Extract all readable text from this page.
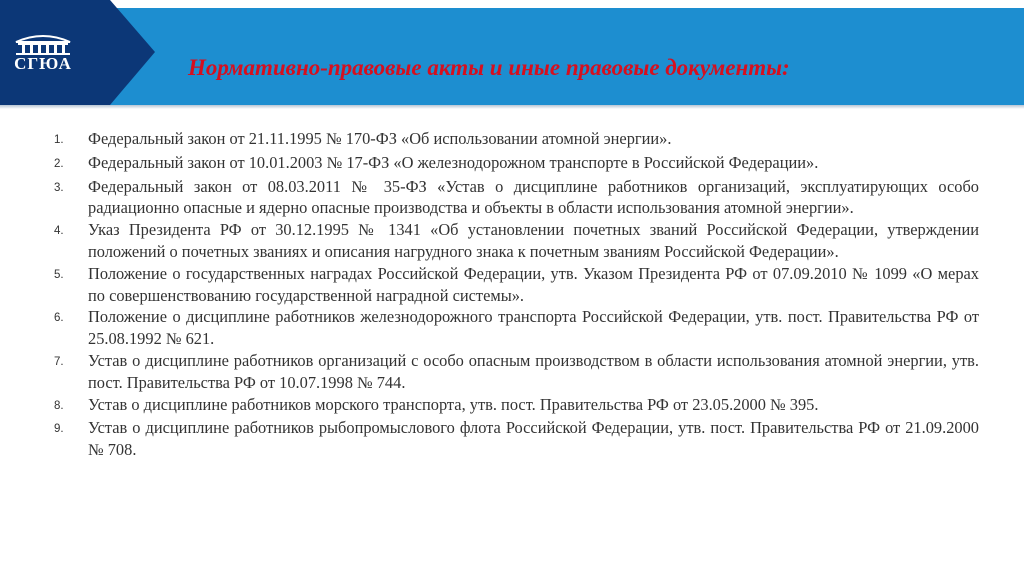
СГЮА	Нормативно-правовые акты и иные правовые документы:
1.	Федеральный закон от 21.11.1995 № 170-ФЗ «Об использовании атомной энергии».
2.	Федеральный закон от 10.01.2003 № 17-ФЗ «О железнодорожном транспорте в Российской Федерации».
3.	Федеральный закон от 08.03.2011 № 35-ФЗ «Устав о дисциплине работников организаций, эксплуатирующих особо радиационно опасные и ядерно опасные производства и объекты в области использования атомной энергии».
4.	Указ Президента РФ от 30.12.1995 № 1341 «Об установлении почетных званий Российской Федерации, утверждении положений о почетных званиях и описания нагрудного знака к почетным званиям Российской Федерации».
5.	Положение о государственных наградах Российской Федерации, утв. Указом Президента РФ от 07.09.2010 № 1099 «О мерах по совершенствованию государственной наградной системы».
6.	Положение о дисциплине работников железнодорожного транспорта Российской Федерации, утв. пост. Правительства РФ от 25.08.1992 № 621.
7.	Устав о дисциплине работников организаций с особо опасным производством в области использования атомной энергии, утв. пост. Правительства РФ от 10.07.1998 № 744.
8.	Устав о дисциплине работников морского транспорта, утв. пост. Правительства РФ от 23.05.2000 № 395.
9.	Устав о дисциплине работников рыбопромыслового флота Российской Федерации, утв. пост. Правительства РФ от 21.09.2000 № 708.
